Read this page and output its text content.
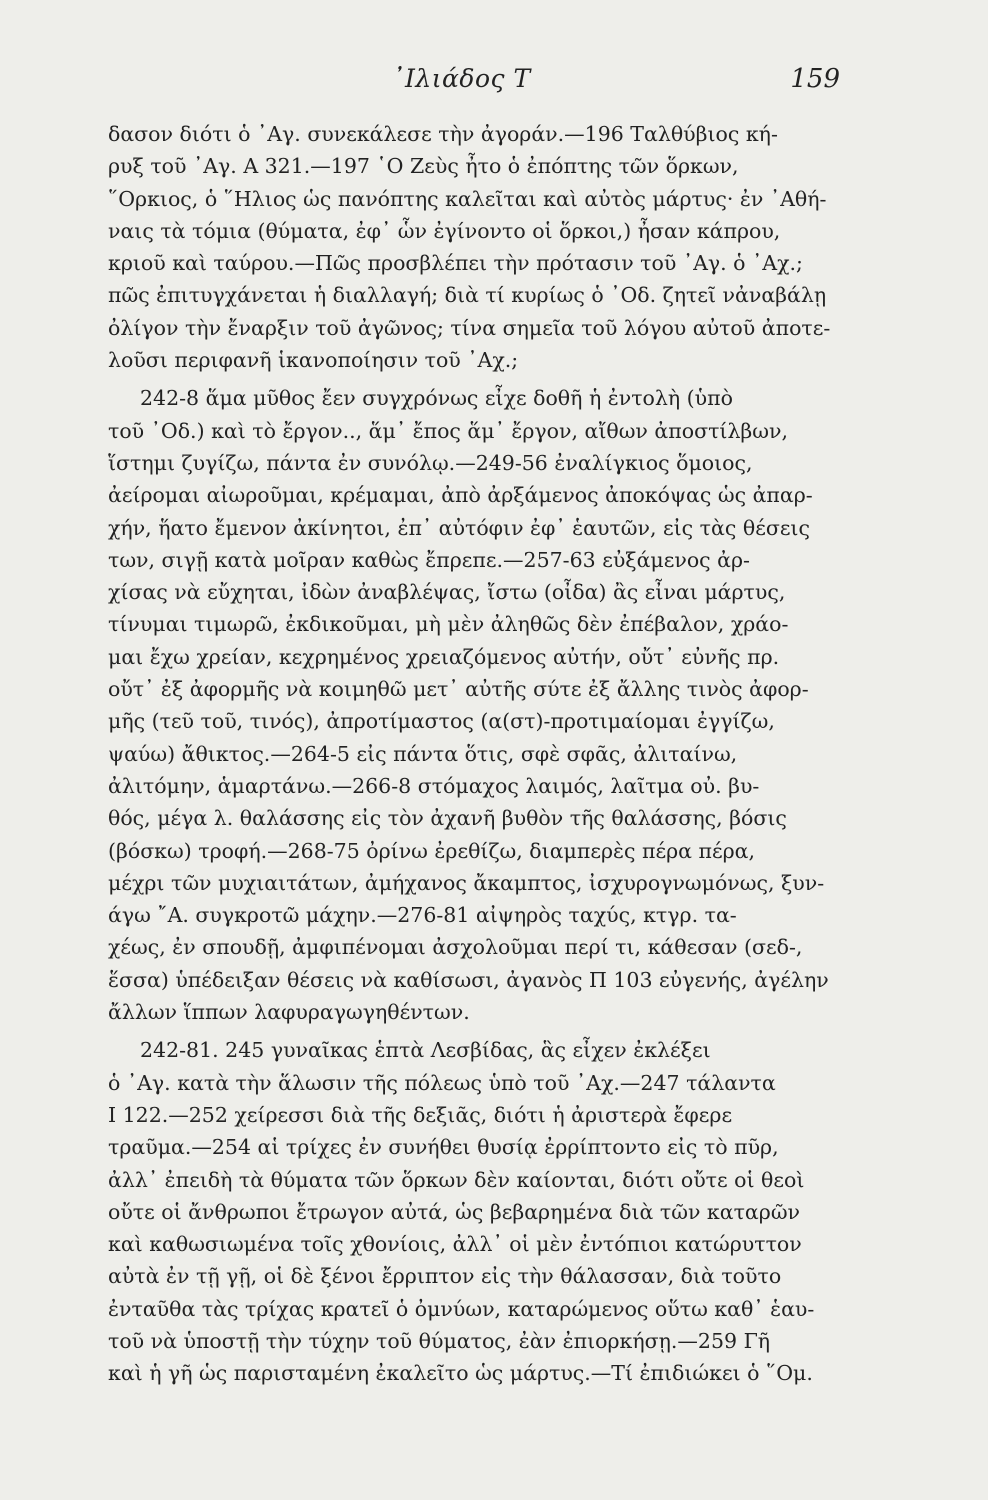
᾿Ιλιάδος Τ	159
δασον διότι ὁ ᾿Αγ. συνεκάλεσε τὴν ἀγοράν.—196 Ταλθύβιος κή-
ρυξ τοῦ ᾿Αγ. Α 321.—197 ῾Ο Ζεὺς ἦτο ὁ ἐπόπτης τῶν ὅρκων,
῞Ορκιος, ὁ ῞Ηλιος ὡς πανόπτης καλεῖται καὶ αὐτὸς μάρτυς· ἐν ᾿Αθή-
ναις τὰ τόμια (θύματα, ἐφ᾿ ὧν ἐγίνοντο οἱ ὅρκοι,) ἦσαν κάπρου,
κριοῦ καὶ ταύρου.—Πῶς προσβλέπει τὴν πρότασιν τοῦ ᾿Αγ. ὁ ᾿Αχ.;
πῶς ἐπιτυγχάνεται ἡ διαλλαγή; διὰ τί κυρίως ὁ ᾿Οδ. ζητεῖ νἀναβάλῃ
ὀλίγον τὴν ἔναρξιν τοῦ ἀγῶνος; τίνα σημεῖα τοῦ λόγου αὐτοῦ ἀποτε-
λοῦσι περιφανῆ ἱκανοποίησιν τοῦ ᾿Αχ.;
242-8 ἅμα μῦθος ἔεν συγχρόνως εἶχε δοθῆ ἡ ἐντολὴ (ὑπὸ
τοῦ ᾿Οδ.) καὶ τὸ ἔργον.., ἅμ᾿ ἔπος ἅμ᾿ ἔργον, αἴθων ἀποστίλβων,
ἵστημι ζυγίζω, πάντα ἐν συνόλῳ.—249-56 ἐναλίγκιος ὅμοιος,
ἀείρομαι αἰωροῦμαι, κρέμαμαι, ἀπὸ ἀρξάμενος ἀποκόψας ὡς ἀπαρ-
χήν, ἥατο ἔμενον ἀκίνητοι, ἐπ᾿ αὐτόφιν ἐφ᾿ ἑαυτῶν, εἰς τὰς θέσεις
των, σιγῇ κατὰ μοῖραν καθὼς ἔπρεπε.—257-63 εὐξάμενος ἀρ-
χίσας νὰ εὔχηται, ἰδὼν ἀναβλέψας, ἴστω (οἶδα) ἂς εἶναι μάρτυς,
τίνυμαι τιμωρῶ, ἐκδικοῦμαι, μὴ μὲν ἀληθῶς δὲν ἐπέβαλον, χράο-
μαι ἔχω χρείαν, κεχρημένος χρειαζόμενος αὐτήν, οὔτ᾿ εὐνῆς πρ.
οὔτ᾿ ἐξ ἀφορμῆς νὰ κοιμηθῶ μετ᾿ αὐτῆς σύτε ἐξ ἄλλης τινὸς ἀφορ-
μῆς (τεῦ τοῦ, τινός), ἀπροτίμαστος (α(στ)-προτιμαίομαι ἐγγίζω,
ψαύω) ἄθικτος.—264-5 εἰς πάντα ὅτις, σφὲ σφᾶς, ἀλιταίνω,
ἀλιτόμην, ἁμαρτάνω.—266-8 στόμαχος λαιμός, λαῖτμα οὐ. βυ-
θός, μέγα λ. θαλάσσης εἰς τὸν ἀχανῆ βυθὸν τῆς θαλάσσης, βόσις
(βόσκω) τροφή.—268-75 ὀρίνω ἐρεθίζω, διαμπερὲς πέρα πέρα,
μέχρι τῶν μυχιαιτάτων, ἀμήχανος ἄκαμπτος, ἰσχυρογνωμόνως, ξυν-
άγω ῎Α. συγκροτῶ μάχην.—276-81 αἰψηρὸς ταχύς, κτγρ. τα-
χέως, ἐν σπουδῇ, ἀμφιπένομαι ἀσχολοῦμαι περί τι, κάθεσαν (σεδ-,
ἕσσα) ὑπέδειξαν θέσεις νὰ καθίσωσι, ἀγανὸς Π 103 εὐγενής, ἀγέλην
ἄλλων ἵππων λαφυραγωγηθέντων.
242-81. 245 γυναῖκας ἑπτὰ Λεσβίδας, ἃς εἶχεν ἐκλέξει
ὁ ᾿Αγ. κατὰ τὴν ἅλωσιν τῆς πόλεως ὑπὸ τοῦ ᾿Αχ.—247 τάλαντα
Ι 122.—252 χείρεσσι διὰ τῆς δεξιᾶς, διότι ἡ ἀριστερὰ ἔφερε
τραῦμα.—254 αἱ τρίχες ἐν συνήθει θυσίᾳ ἐρρίπτοντο εἰς τὸ πῦρ,
ἀλλ᾿ ἐπειδὴ τὰ θύματα τῶν ὅρκων δὲν καίονται, διότι οὔτε οἱ θεοὶ
οὔτε οἱ ἄνθρωποι ἔτρωγον αὐτά, ὡς βεβαρημένα διὰ τῶν καταρῶν
καὶ καθωσιωμένα τοῖς χθονίοις, ἀλλ᾿ οἱ μὲν ἐντόπιοι κατώρυττον
αὐτὰ ἐν τῇ γῇ, οἱ δὲ ξένοι ἔρριπτον εἰς τὴν θάλασσαν, διὰ τοῦτο
ἐνταῦθα τὰς τρίχας κρατεῖ ὁ ὀμνύων, καταρώμενος οὕτω καθ᾿ ἑαυ-
τοῦ νὰ ὑποστῇ τὴν τύχην τοῦ θύματος, ἐὰν ἐπιορκήσῃ.—259 Γῆ
καὶ ἡ γῆ ὡς παρισταμένη ἐκαλεῖτο ὡς μάρτυς.—Τί ἐπιδιώκει ὁ ῞Ομ.
